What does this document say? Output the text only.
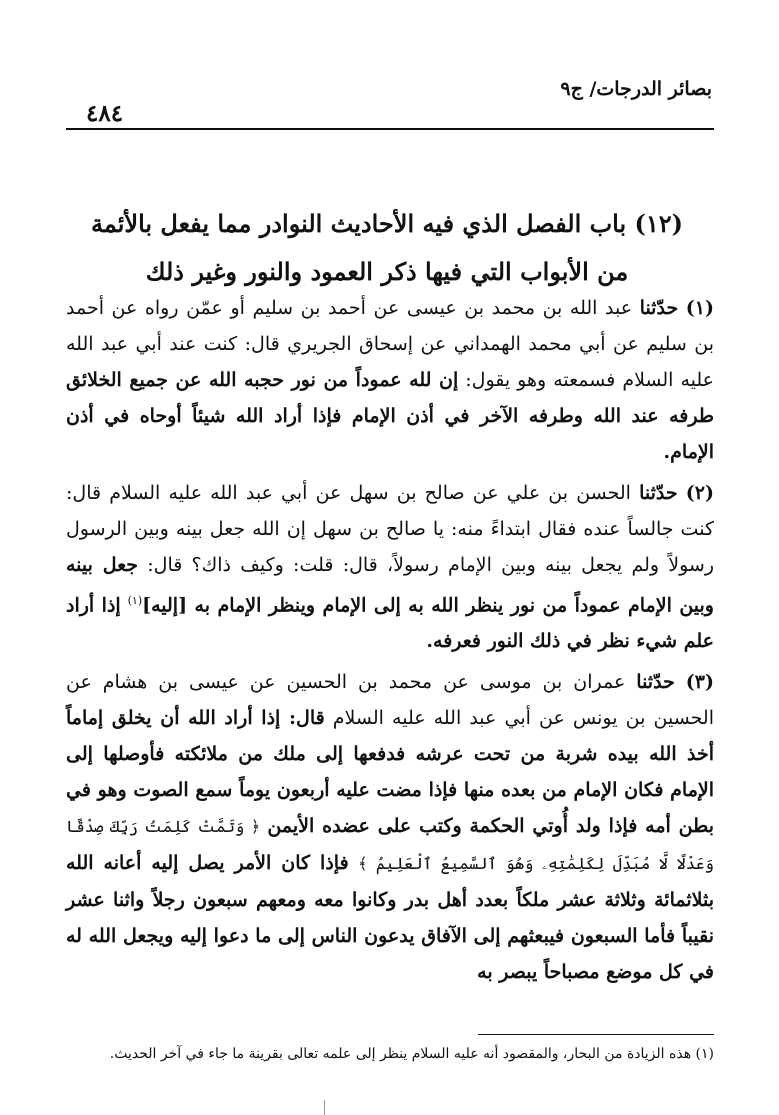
بصائر الدرجات/ ج٩
٤٨٤
(١٢) باب الفصل الذي فيه الأحاديث النوادر مما يفعل بالأئمة
من الأبواب التي فيها ذكر العمود والنور وغير ذلك

(١) حدّثنا عبد الله بن محمد بن عيسى عن أحمد بن سليم أو عمّن رواه عن أحمد بن سليم عن أبي محمد الهمداني عن إسحاق الجريري قال: كنت عند أبي عبد الله عليه السلام فسمعته وهو يقول: إن لله عموداً من نور حجبه الله عن جميع الخلائق طرفه عند الله وطرفه الآخر في أذن الإمام فإذا أراد الله شيئاً أوحاه في أذن الإمام.

(٢) حدّثنا الحسن بن علي عن صالح بن سهل عن أبي عبد الله عليه السلام قال: كنت جالساً عنده فقال ابتداءً منه: يا صالح بن سهل إن الله جعل بينه وبين الرسول رسولاً ولم يجعل بينه وبين الإمام رسولاً، قال: قلت: وكيف ذاك؟ قال: جعل بينه وبين الإمام عموداً من نور ينظر الله به إلى الإمام وينظر الإمام به [إليه]$^{(١)}$ إذا أراد علم شيء نظر في ذلك النور فعرفه.

(٣) حدّثنا عمران بن موسى عن محمد بن الحسين عن عيسى بن هشام عن الحسين بن يونس عن أبي عبد الله عليه السلام قال: إذا أراد الله أن يخلق إماماً أخذ الله بيده شربة من تحت عرشه فدفعها إلى ملك من ملائكته فأوصلها إلى الإمام فكان الإمام من بعده منها فإذا مضت عليه أربعون يوماً سمع الصوت وهو في بطن أمه فإذا ولد أُوتي الحكمة وكتب على عضده الأيمن ﴿ وَتَمَّتْ كَلِمَتُ رَبِّكَ صِدْقًا وَعَدْلًا لَّا مُبَدِّلَ لِكَلِمَٰتِهِۦ وَهُوَ ٱلسَّمِيعُ ٱلْعَلِيمُ ﴾ فإذا كان الأمر يصل إليه أعانه الله بثلاثمائة وثلاثة عشر ملكاً بعدد أهل بدر وكانوا معه ومعهم سبعون رجلاً واثنا عشر نقيباً فأما السبعون فيبعثهم إلى الآفاق يدعون الناس إلى ما دعوا إليه ويجعل الله له في كل موضع مصباحاً يبصر به

(١) هذه الزيادة من البحار، والمقصود أنه عليه السلام ينظر إلى علمه تعالى بقرينة ما جاء في آخر الحديث.
